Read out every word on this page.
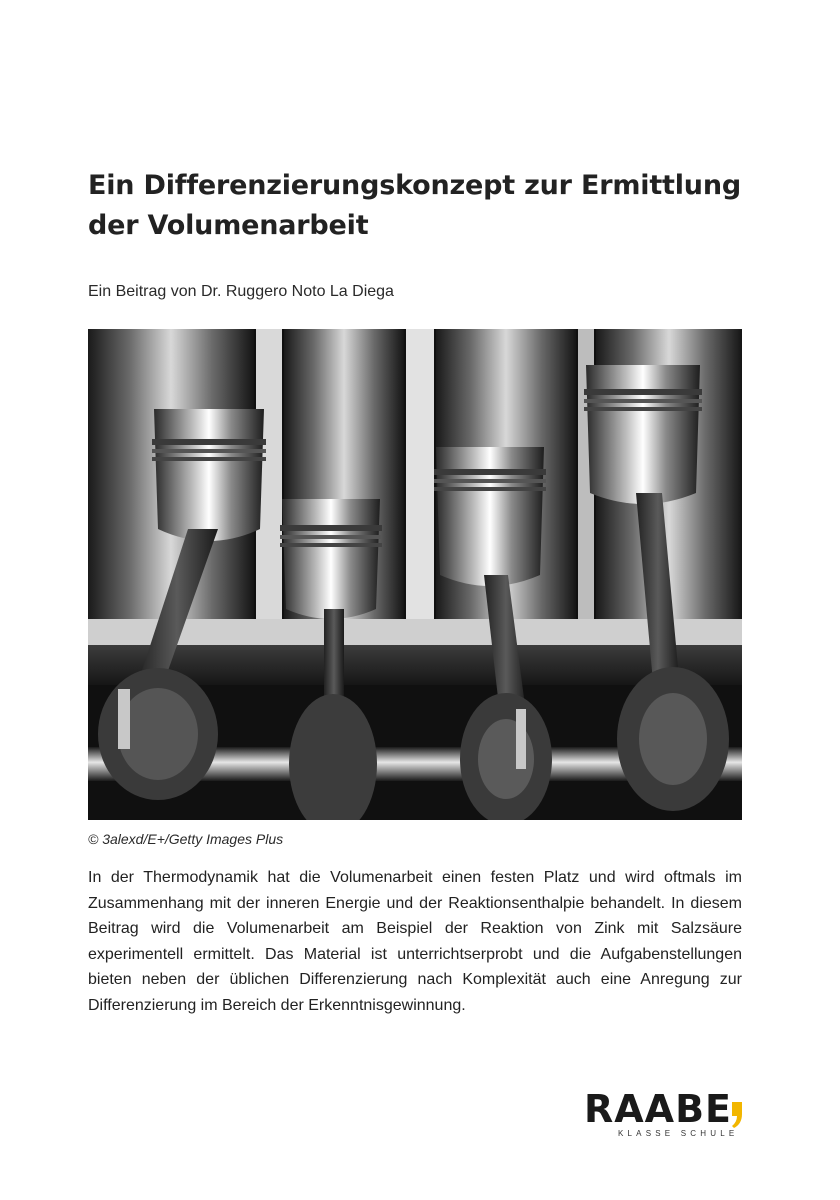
Ein Differenzierungskonzept zur Ermittlung der Volumenarbeit
Ein Beitrag von Dr. Ruggero Noto La Diega
© 3alexd/E+/Getty Images Plus

In der Thermodynamik hat die Volumenarbeit einen festen Platz und wird oftmals im Zusammenhang mit der inneren Energie und der Reaktionsenthalpie behandelt. In diesem Beitrag wird die Volumenarbeit am Beispiel der Reaktion von Zink mit Salzsäure experimentell ermittelt. Das Material ist unterrichtserprobt und die Aufgabenstellungen bieten neben der üblichen Differenzierung nach Komplexität auch eine Anregung zur Differenzierung im Bereich der Erkenntnisgewinnung.

RAABE
KLASSE SCHULE
